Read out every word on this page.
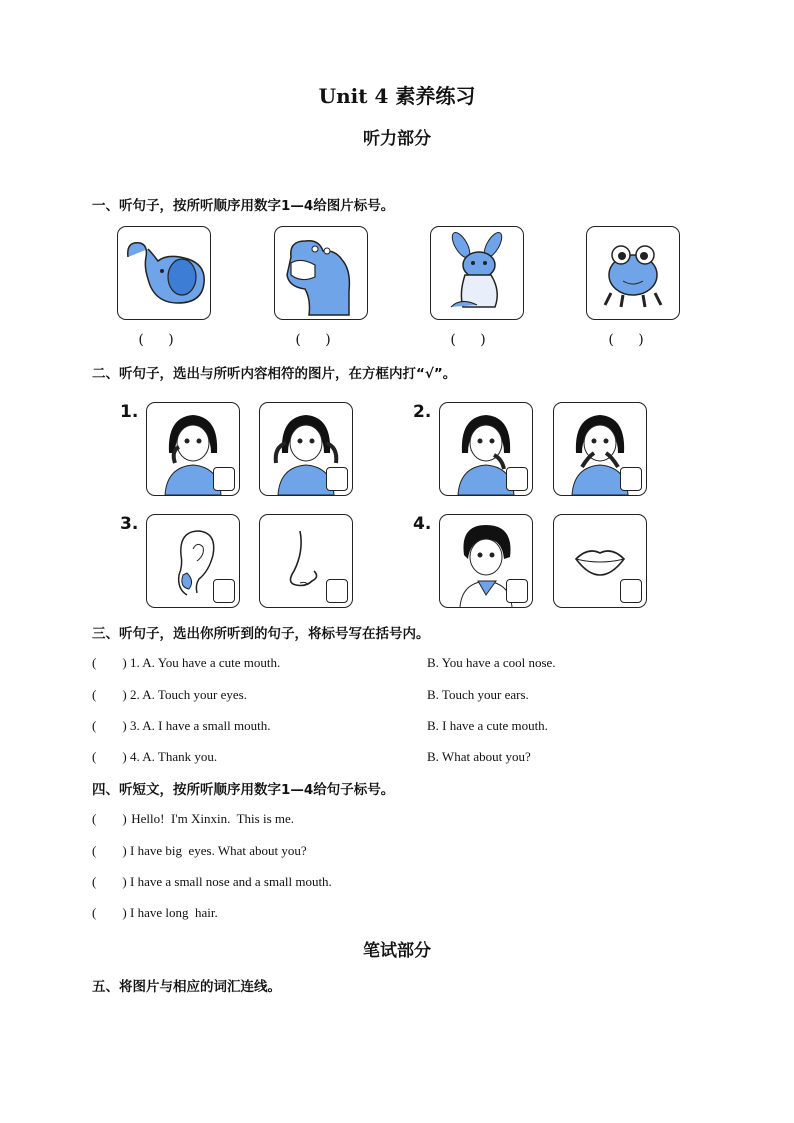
Unit 4 素养练习
听力部分
一、听句子，按所听顺序用数字1—4给图片标号。
( )	( )	( )	( )
二、听句子，选出与所听内容相符的图片，在方框内打“√”。
1.	2.
3.	4.
三、听句子，选出你所听到的句子，将标号写在括号内。
(        ) 1. A. You have a cute mouth.	B. You have a cool nose.
(        ) 2. A. Touch your eyes.	B. Touch your ears.
(        ) 3. A. I have a small mouth.	B. I have a cute mouth.
(        ) 4. A. Thank you.	B. What about you?
四、听短文，按所听顺序用数字1—4给句子标号。
(        ) Hello!  I'm Xinxin.  This is me.
(        ) I have big  eyes. What about you?
(        ) I have a small nose and a small mouth.
(        ) I have long  hair.
笔试部分
五、将图片与相应的词汇连线。
